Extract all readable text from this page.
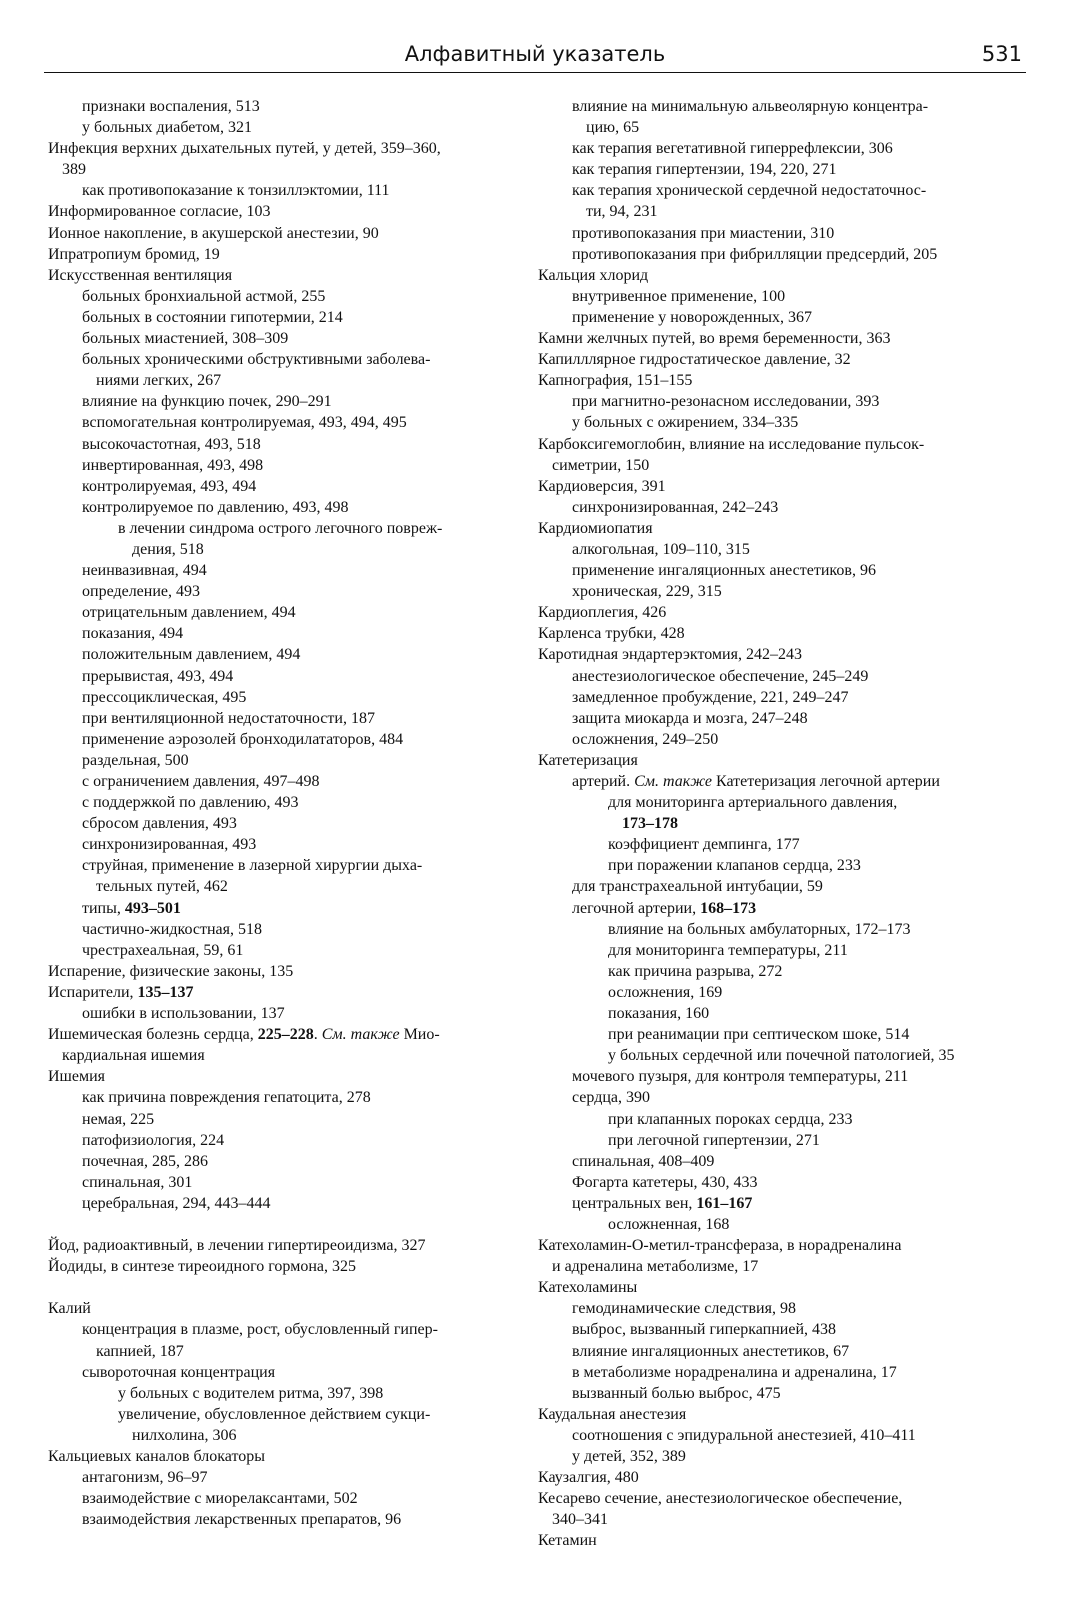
Алфавитный указатель	531
признаки воспаления, 513
у больных диабетом, 321
Инфекция верхних дыхательных путей, у детей, 359–360,
389
как противопоказание к тонзиллэктомии, 111
Информированное согласие, 103
Ионное накопление, в акушерской анестезии, 90
Ипратропиум бромид, 19
Искусственная вентиляция
больных бронхиальной астмой, 255
больных в состоянии гипотермии, 214
больных миастенией, 308–309
больных хроническими обструктивными заболева-
ниями легких, 267
влияние на функцию почек, 290–291
вспомогательная контролируемая, 493, 494, 495
высокочастотная, 493, 518
инвертированная, 493, 498
контролируемая, 493, 494
контролируемое по давлению, 493, 498
в лечении синдрома острого легочного повреж-
дения, 518
неинвазивная, 494
определение, 493
отрицательным давлением, 494
показания, 494
положительным давлением, 494
прерывистая, 493, 494
прессоциклическая, 495
при вентиляционной недостаточности, 187
применение аэрозолей бронходилататоров, 484
раздельная, 500
с ограничением давления, 497–498
с поддержкой по давлению, 493
сбросом давления, 493
синхронизированная, 493
струйная, применение в лазерной хирургии дыха-
тельных путей, 462
типы, 493–501
частично-жидкостная, 518
чрестрахеальная, 59, 61
Испарение, физические законы, 135
Испарители, 135–137
ошибки в использовании, 137
Ишемическая болезнь сердца, 225–228. См. также Мио-
кардиальная ишемия
Ишемия
как причина повреждения гепатоцита, 278
немая, 225
патофизиология, 224
почечная, 285, 286
спинальная, 301
церебральная, 294, 443–444
Йод, радиоактивный, в лечении гипертиреоидизма, 327
Йодиды, в синтезе тиреоидного гормона, 325
Калий
концентрация в плазме, рост, обусловленный гипер-
капнией, 187
сывороточная концентрация
у больных с водителем ритма, 397, 398
увеличение, обусловленное действием сукци-
нилхолина, 306
Кальциевых каналов блокаторы
антагонизм, 96–97
взаимодействие с миорелаксантами, 502
взаимодействия лекарственных препаратов, 96
влияние на минимальную альвеолярную концентра-
цию, 65
как терапия вегетативной гиперрефлексии, 306
как терапия гипертензии, 194, 220, 271
как терапия хронической сердечной недостаточнос-
ти, 94, 231
противопоказания при миастении, 310
противопоказания при фибрилляции предсердий, 205
Кальция хлорид
внутривенное применение, 100
применение у новорожденных, 367
Камни желчных путей, во время беременности, 363
Капилллярное гидростатическое давление, 32
Капнография, 151–155
при магнитно-резонасном исследовании, 393
у больных с ожирением, 334–335
Карбоксигемоглобин, влияние на исследование пульсок-
симетрии, 150
Кардиоверсия, 391
синхронизированная, 242–243
Кардиомиопатия
алкогольная, 109–110, 315
применение ингаляционных анестетиков, 96
хроническая, 229, 315
Кардиоплегия, 426
Карленса трубки, 428
Каротидная эндартерэктомия, 242–243
анестезиологическое обеспечение, 245–249
замедленное пробуждение, 221, 249–247
защита миокарда и мозга, 247–248
осложнения, 249–250
Катетеризация
артерий. См. также Катетеризация легочной артерии
для мониторинга артериального давления,
173–178
коэффициент демпинга, 177
при поражении клапанов сердца, 233
для транстрахеальной интубации, 59
легочной артерии, 168–173
влияние на больных амбулаторных, 172–173
для мониторинга температуры, 211
как причина разрыва, 272
осложнения, 169
показания, 160
при реанимации при септическом шоке, 514
у больных сердечной или почечной патологией, 35
мочевого пузыря, для контроля температуры, 211
сердца, 390
при клапанных пороках сердца, 233
при легочной гипертензии, 271
спинальная, 408–409
Фогарта катетеры, 430, 433
центральных вен, 161–167
осложненная, 168
Катехоламин-О-метил-трансфераза, в норадреналина
и адреналина метаболизме, 17
Катехоламины
гемодинамические следствия, 98
выброс, вызванный гиперкапнией, 438
влияние ингаляционных анестетиков, 67
в метаболизме норадреналина и адреналина, 17
вызванный болью выброс, 475
Каудальная анестезия
соотношения с эпидуральной анестезией, 410–411
у детей, 352, 389
Каузалгия, 480
Кесарево сечение, анестезиологическое обеспечение,
340–341
Кетамин
